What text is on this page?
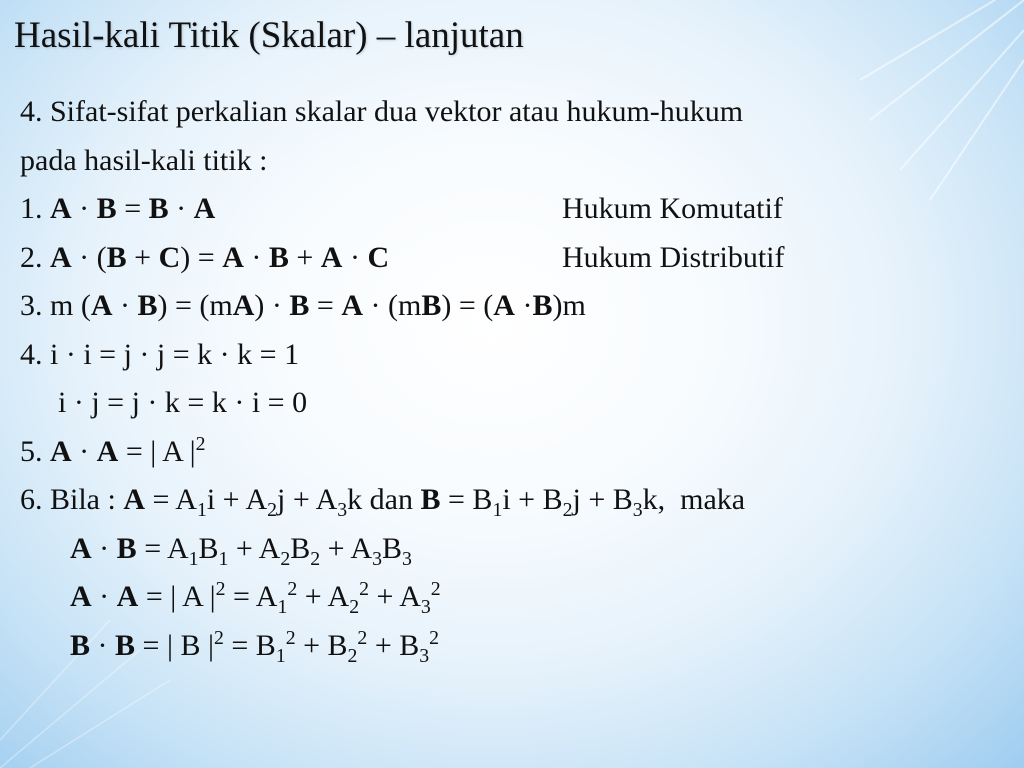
Hasil-kali Titik (Skalar) – lanjutan
4. Sifat-sifat perkalian skalar dua vektor atau hukum-hukum
pada hasil-kali titik :
1. A · B = B · A	Hukum Komutatif
2. A · (B + C) = A · B + A · C	Hukum Distributif
3. m (A · B) = (mA) · B = A · (mB) = (A ·B)m
4. i · i = j · j = k · k = 1
i · j = j · k = k · i = 0
5. A · A = | A $|^2$
6. Bila : $A = A_1i + A_2j + A_3k$ dan $B = B_1i + B_2j + B_3k$,  maka
$A \cdot B = A_1B_1 + A_2B_2 + A_3B_3$
A · A = | A $|^2 = A_1^2 + A_2^2 + A_3^2$
B · B = | B $|^2 = B_1^2 + B_2^2 + B_3^2$
